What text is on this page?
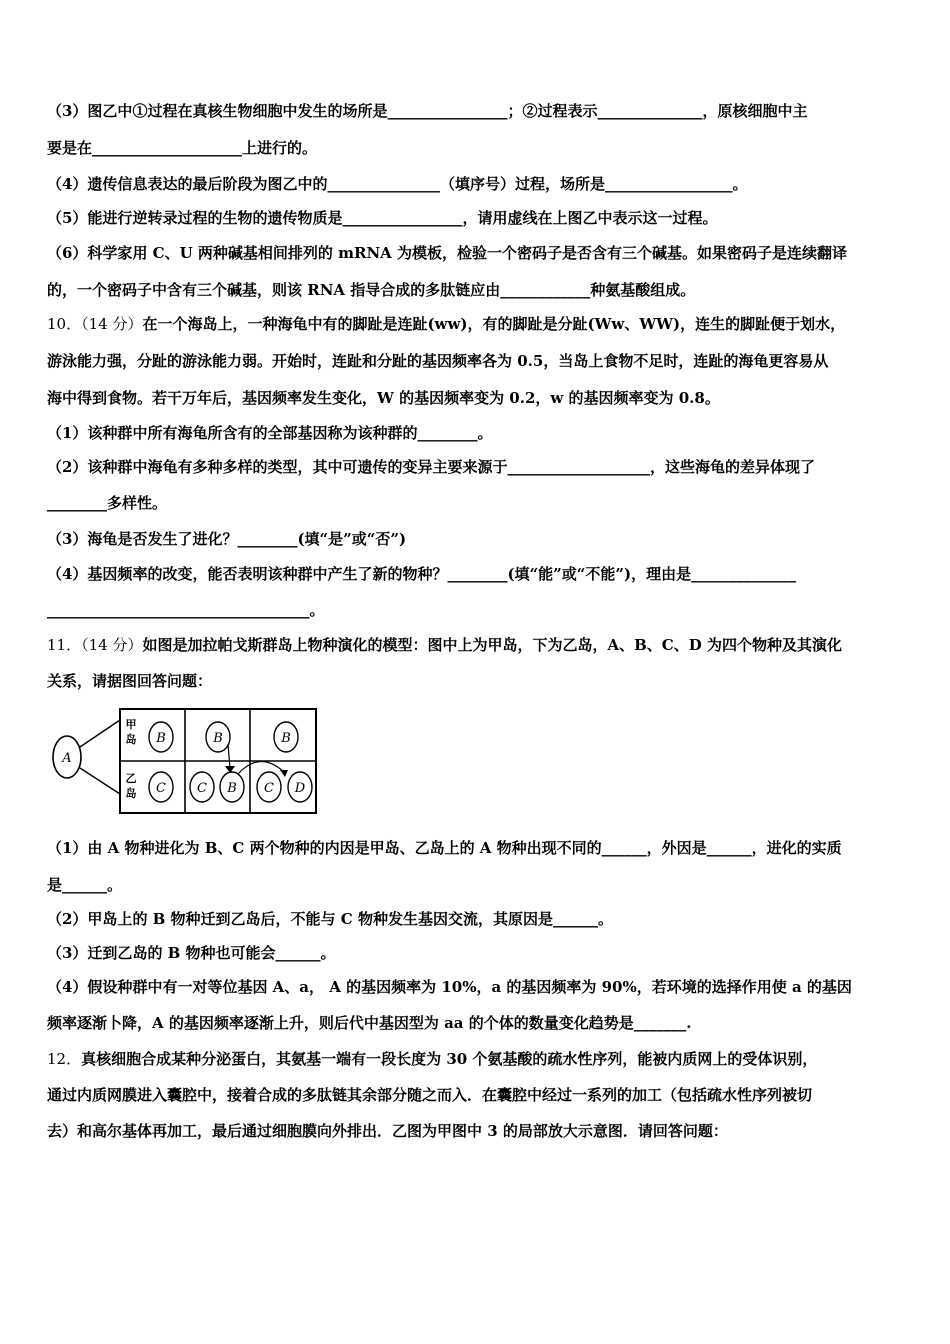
（3）图乙中①过程在真核生物细胞中发生的场所是________________；②过程表示______________，原核细胞中主
要是在____________________上进行的。
（4）遗传信息表达的最后阶段为图乙中的_______________（填序号）过程，场所是_________________。
（5）能进行逆转录过程的生物的遗传物质是________________，请用虚线在上图乙中表示这一过程。
（6）科学家用 C、U 两种碱基相间排列的 mRNA 为模板，检验一个密码子是否含有三个碱基。如果密码子是连续翻译
的，一个密码子中含有三个碱基，则该 RNA 指导合成的多肽链应由____________种氨基酸组成。
10．（14 分）在一个海岛上，一种海龟中有的脚趾是连趾(ww)，有的脚趾是分趾(Ww、WW)，连生的脚趾便于划水，
游泳能力强，分趾的游泳能力弱。开始时，连趾和分趾的基因频率各为 0.5，当岛上食物不足时，连趾的海龟更容易从
海中得到食物。若干万年后，基因频率发生变化，W 的基因频率变为 0.2，w 的基因频率变为 0.8。
（1）该种群中所有海龟所含有的全部基因称为该种群的________。
（2）该种群中海龟有多种多样的类型，其中可遗传的变异主要来源于___________________，这些海龟的差异体现了
________多样性。
（3）海龟是否发生了进化？________(填“是”或“否”)
（4）基因频率的改变，能否表明该种群中产生了新的物种？________(填“能”或“不能”)，理由是______________
___________________________________。
11．（14 分）如图是加拉帕戈斯群岛上物种演化的模型：图中上为甲岛，下为乙岛，A、B、C、D 为四个物种及其演化
关系，请据图回答问题：
A
甲
岛
乙
岛
B	B	B
C C B C D
（1）由 A 物种进化为 B、C 两个物种的内因是甲岛、乙岛上的 A 物种出现不同的______，外因是______，进化的实质
是______。
（2）甲岛上的 B 物种迁到乙岛后，不能与 C 物种发生基因交流，其原因是______。
（3）迁到乙岛的 B 物种也可能会______。
（4）假设种群中有一对等位基因 A、a， A 的基因频率为 10%，a 的基因频率为 90%，若环境的选择作用使 a 的基因
频率逐渐卜降，A 的基因频率逐渐上升，则后代中基因型为 aa 的个体的数量变化趋势是_______.
12．真核细胞合成某种分泌蛋白，其氨基一端有一段长度为 30 个氨基酸的疏水性序列，能被内质网上的受体识别，
通过内质网膜进入囊腔中，接着合成的多肽链其余部分随之而入．在囊腔中经过一系列的加工（包括疏水性序列被切
去）和高尔基体再加工，最后通过细胞膜向外排出．乙图为甲图中 3 的局部放大示意图．请回答问题：
